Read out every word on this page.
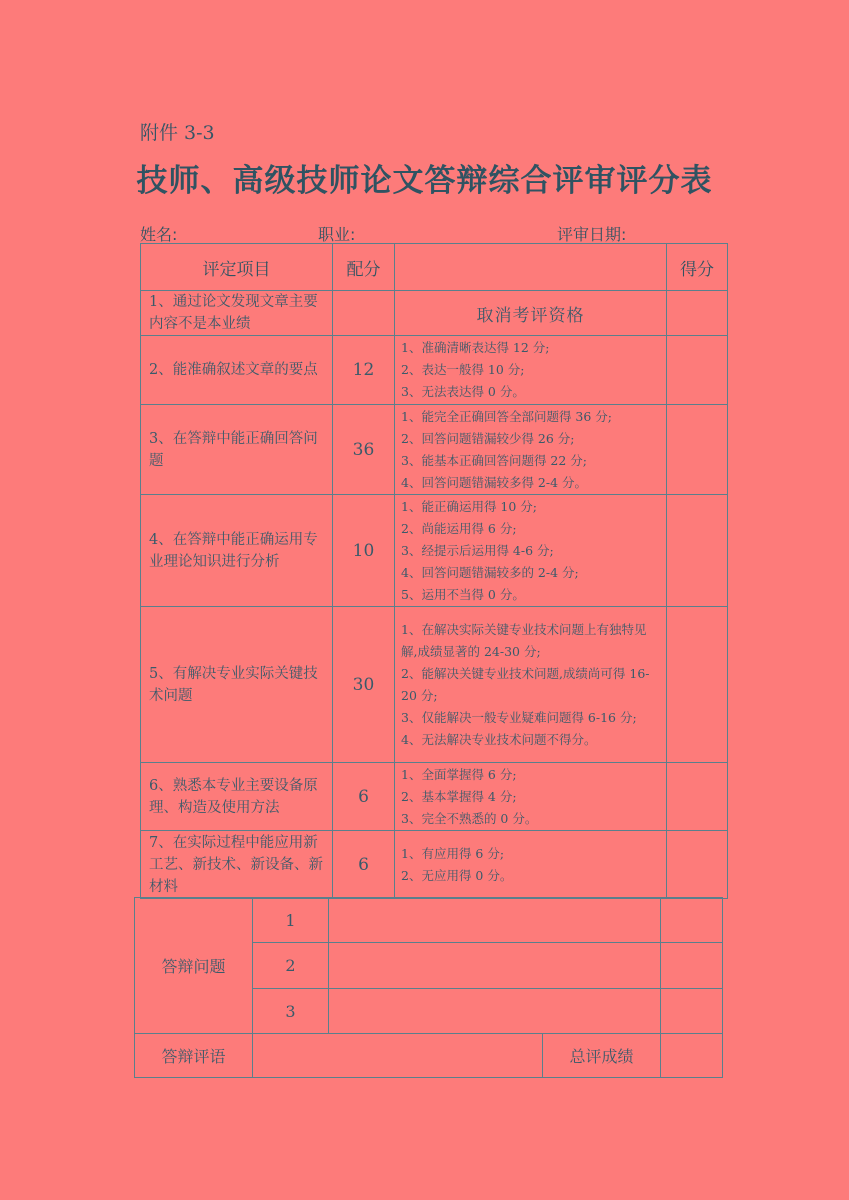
附件 3-3
技师、高级技师论文答辩综合评审评分表
姓名:	职业:	评审日期:
评定项目	配分		得分
1、通过论文发现文章主要内容不是本业绩		取消考评资格	
2、能准确叙述文章的要点	12	1、准确清晰表达得 12 分;
2、表达一般得 10 分;
3、无法表达得 0 分。	

3、在答辩中能正确回答问题	36	1、能完全正确回答全部问题得 36 分;
2、回答问题错漏较少得 26 分;
3、能基本正确回答问题得 22 分;
4、回答问题错漏较多得 2-4 分。	

4、在答辩中能正确运用专业理论知识进行分析	10	1、能正确运用得 10 分;
2、尚能运用得 6 分;
3、经提示后运用得 4-6 分;
4、回答问题错漏较多的 2-4 分;
5、运用不当得 0 分。	

5、有解决专业实际关键技术问题	30	1、在解决实际关键专业技术问题上有独特见解,成绩显著的 24-30 分;
2、能解决关键专业技术问题,成绩尚可得 16-20 分;
3、仅能解决一般专业疑难问题得 6-16 分;
4、无法解决专业技术问题不得分。	

6、熟悉本专业主要设备原理、构造及使用方法	6	1、全面掌握得 6 分;
2、基本掌握得 4 分;
3、完全不熟悉的 0 分。	

7、在实际过程中能应用新工艺、新技术、新设备、新材料	6	1、有应用得 6 分;
2、无应用得 0 分。	

答辩问题	1			
	2			
	3			
答辩评语			总评成绩	
